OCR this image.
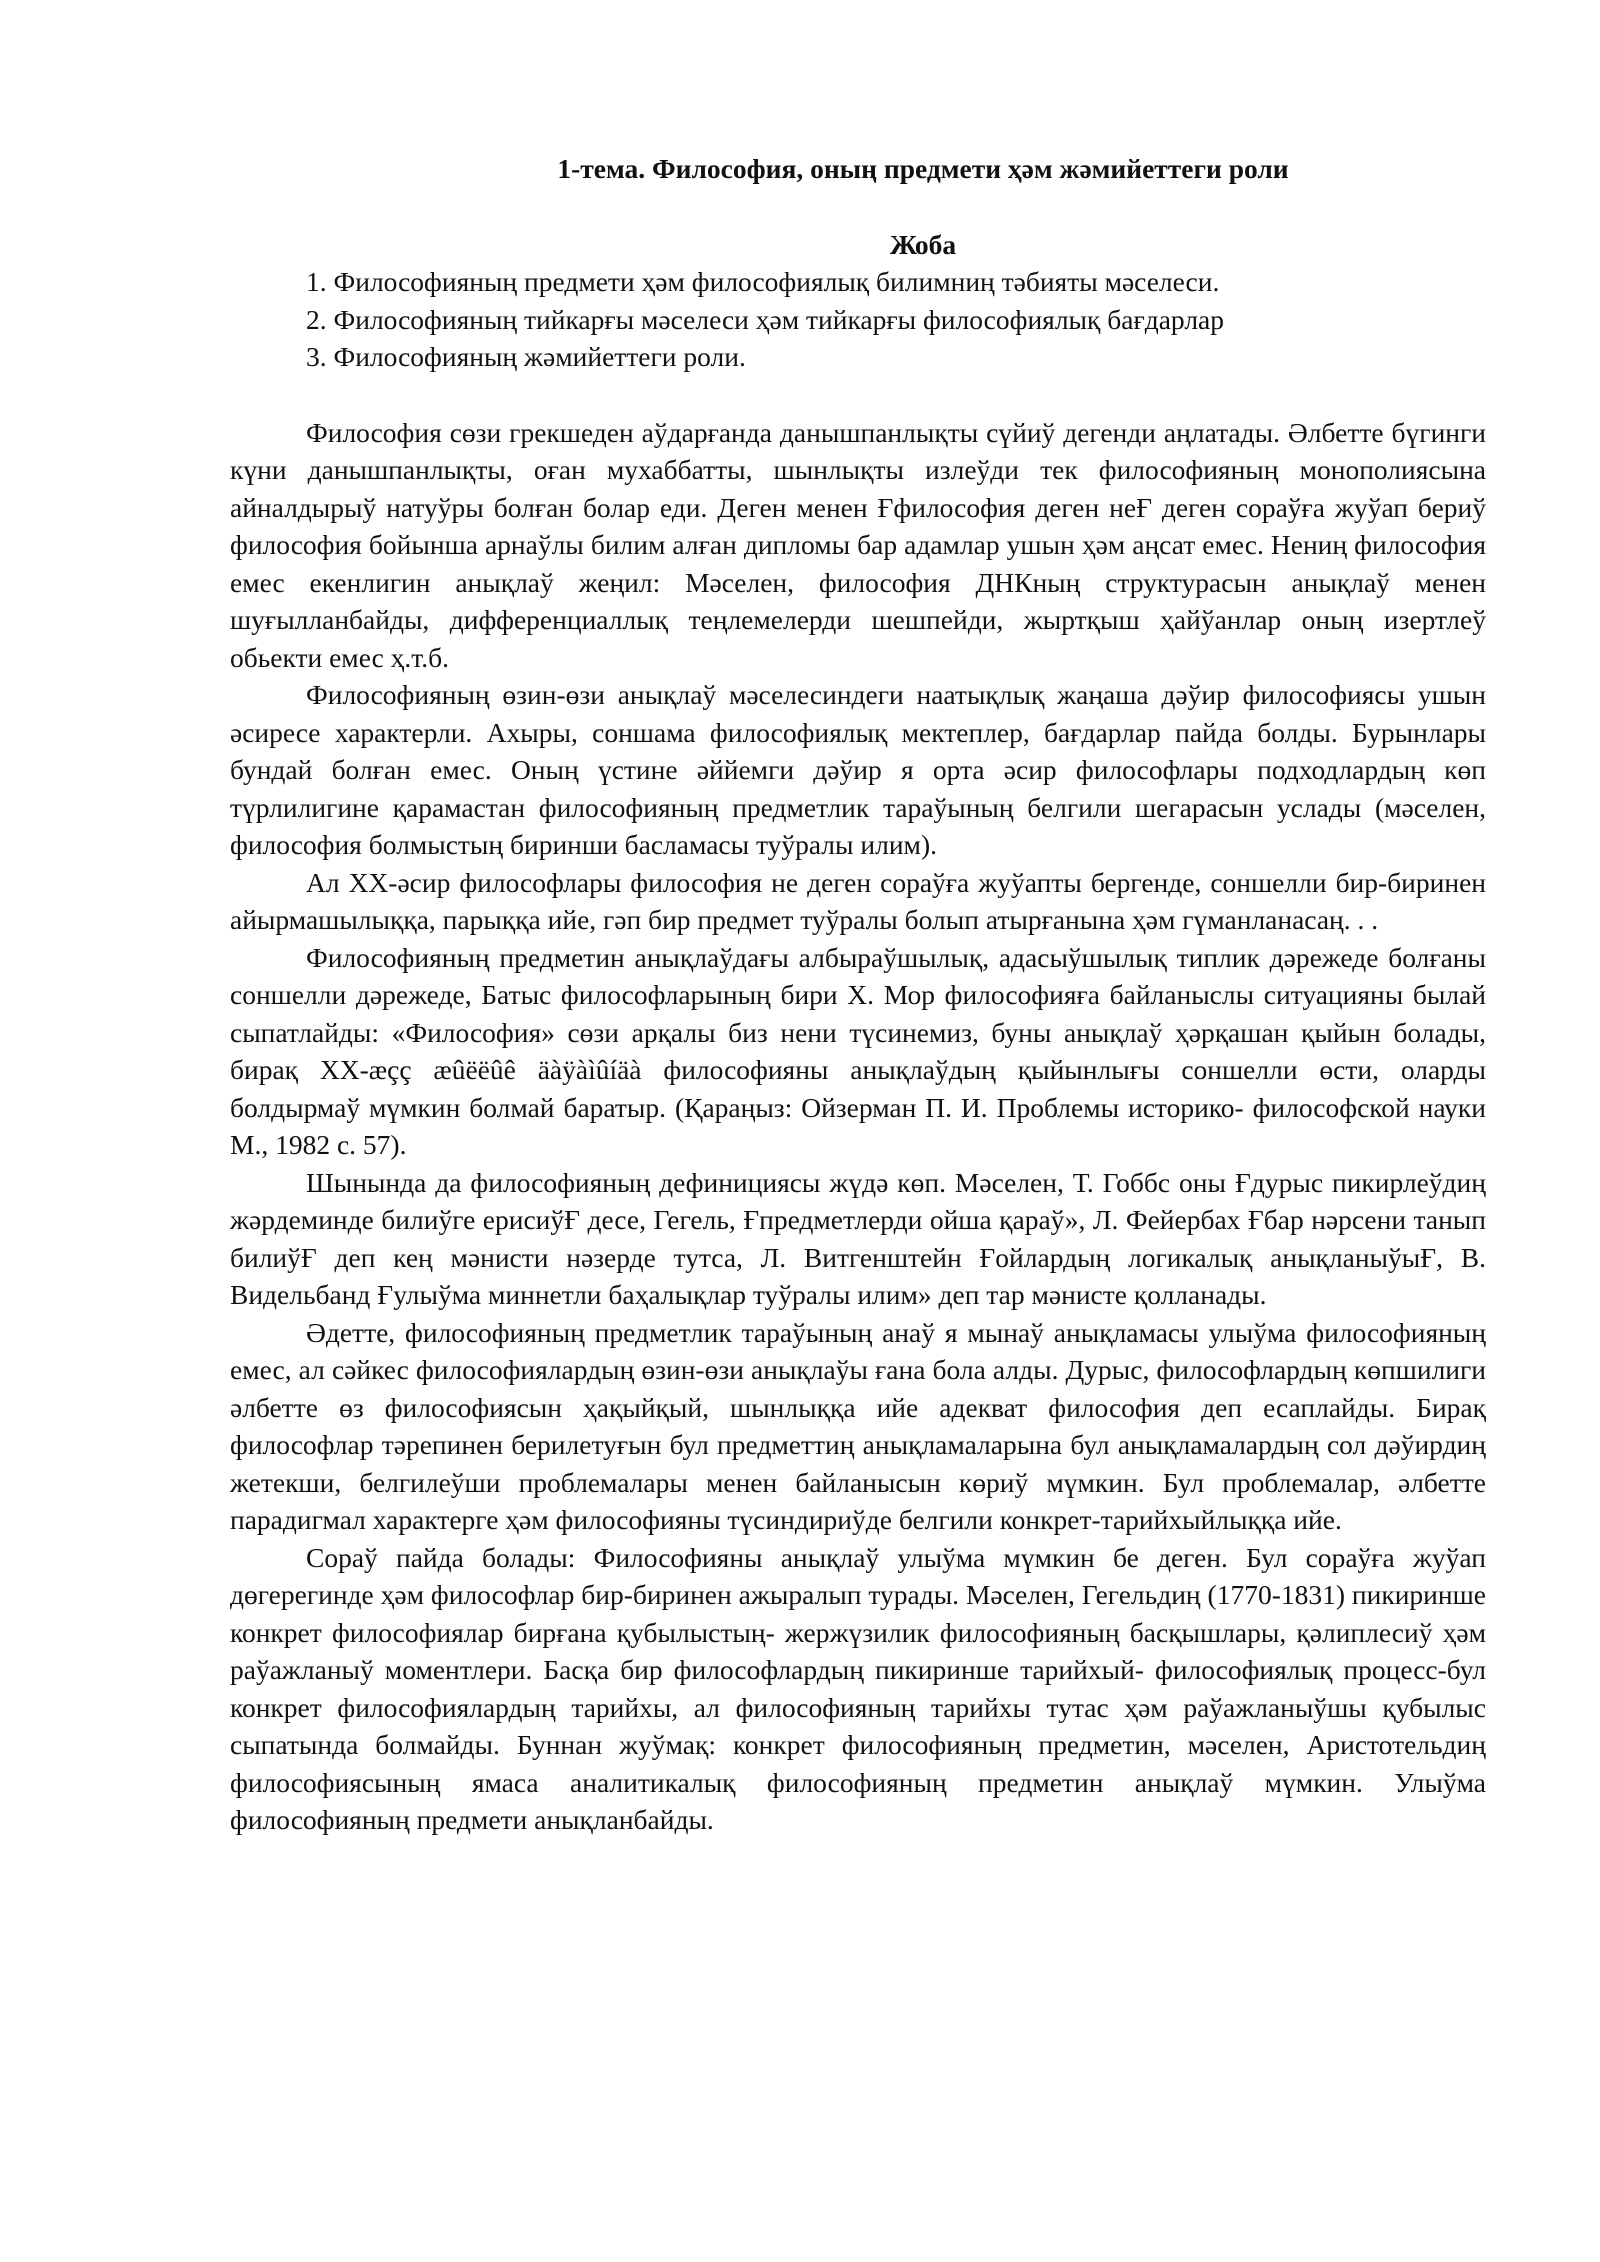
1-тема. Философия, оның предмети ҳәм жәмийеттеги роли

Жоба

1. Философияның предмети ҳәм философиялық билимниң тәбияты мәселеси.

2. Философияның тийкарғы мәселеси ҳәм тийкарғы философиялық бағдарлар

3. Философияның жәмийеттеги роли.

Философия сөзи грекшеден аўдарғанда данышпанлықты сүйиў дегенди аңлатады. Әлбетте бүгинги күни данышпанлықты, оған мухаббатты, шынлықты излеўди тек философияның монополиясына айналдырыў натуўры болған болар еди. Деген менен Ғфилософия деген неҒ деген сораўға жуўап бериў философия бойынша арнаўлы билим алған дипломы бар адамлар ушын ҳәм аңсат емес. Нениң философия емес екенлигин анықлаў жеңил: Мәселен, философия ДНКның структурасын анықлаў менен шуғылланбайды, дифференциаллық теңлемелерди шешпейди, жыртқыш ҳайўанлар оның изертлеў обьекти емес ҳ.т.б.

Философияның өзин-өзи анықлаў мәселесиндеги наатықлық жаңаша дәўир философиясы ушын әсиресе характерли. Ахыры, соншама философиялық мектеплер, бағдарлар пайда болды. Бурынлары бундай болған емес. Оның үстине әййемги дәўир я орта әсир философлары подходлардың көп түрлилигине қарамастан философияның предметлик тараўының белгили шегарасын услады (мәселен, философия болмыстың биринши басламасы туўралы илим).

Ал XX-әсир философлары философия не деген сораўға жуўапты бергенде, соншелли бир-биринен айырмашылыққа, парыққа ийе, гәп бир предмет туўралы болып атырғанына ҳәм гүманланасаң. . .

Философияның предметин анықлаўдағы албыраўшылық, адасыўшылық типлик дәрежеде болғаны соншелли дәрежеде, Батыс философларының бири Х. Мор философияға байланыслы ситуацияны былай сыпатлайды: «Философия» сөзи арқалы биз нени түсинемиз, буны анықлаў ҳәрқашан қыйын болады, бирақ XX-æçç æûëëûê äàÿàìûíäà философияны анықлаўдың қыйынлығы соншелли өсти, оларды болдырмаў мүмкин болмай баратыр. (Қараңыз: Ойзерман П. И. Проблемы историко- философской науки М., 1982 с. 57).

Шынында да философияның дефинициясы жүдә көп. Мәселен, Т. Гоббс оны Ғдурыс пикирлеўдиң жәрдеминде билиўге ерисиўҒ десе, Гегель, Ғпредметлерди ойша қараў», Л. Фейербах Ғбар нәрсени танып билиўҒ деп кең мәнисти нәзерде тутса, Л. Витгенштейн Ғойлардың логикалық анықланыўыҒ, В. Видельбанд Ғулыўма миннетли баҳалықлар туўралы илим» деп тар мәнисте қолланады.

Әдетте, философияның предметлик тараўының анаў я мынаў анықламасы улыўма философияның емес, ал сәйкес философиялардың өзин-өзи анықлаўы ғана бола алды. Дурыс, философлардың көпшилиги әлбетте өз философиясын ҳақыйқый, шынлыққа ийе адекват философия деп есаплайды. Бирақ философлар тәрепинен берилетуғын бул предметтиң анықламаларына бул анықламалардың сол дәўирдиң жетекши, белгилеўши проблемалары менен байланысын көриў мүмкин. Бул проблемалар, әлбетте парадигмал характерге ҳәм философияны түсиндириўде белгили конкрет-тарийхыйлыққа ийе.

Сораў пайда болады: Философияны анықлаў улыўма мүмкин бе деген. Бул сораўға жуўап дөгерегинде ҳәм философлар бир-биринен ажыралып турады. Мәселен, Гегельдиң (1770-1831) пикиринше конкрет философиялар бирғана қубылыстың- жержүзилик философияның басқышлары, қәлиплесиў ҳәм раўажланыў моментлери. Басқа бир философлардың пикиринше тарийхый- философиялық процесс-бул конкрет философиялардың тарийхы, ал философияның тарийхы тутас ҳәм раўажланыўшы қубылыс сыпатында болмайды. Буннан жуўмақ: конкрет философияның предметин, мәселен, Аристотельдиң философиясының ямаса аналитикалық философияның предметин анықлаў мүмкин. Улыўма философияның предмети анықланбайды.
